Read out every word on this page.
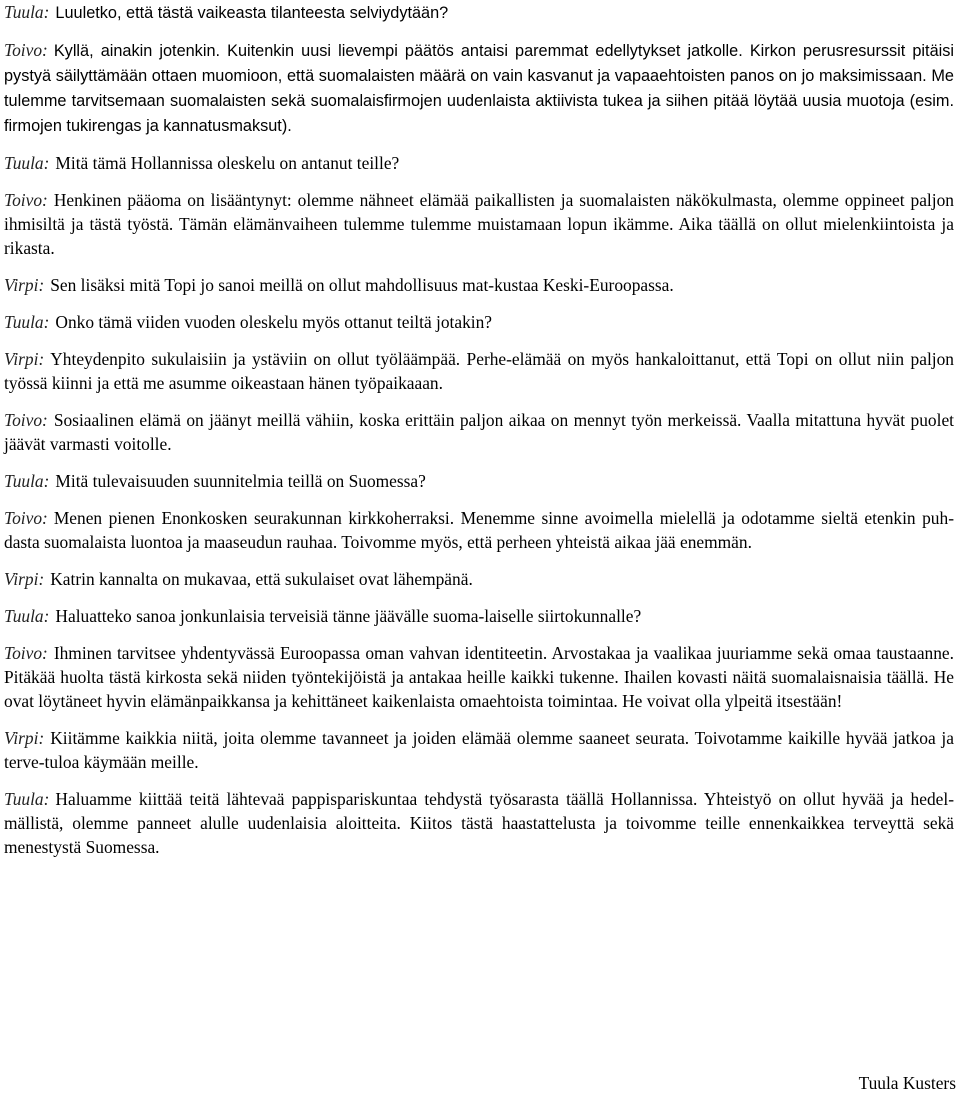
Tuula: Luuletko, että tästä vaikeasta tilanteesta selviydytään?

Toivo: Kyllä, ainakin jotenkin. Kuitenkin uusi lievempi päätös antaisi paremmat edellytykset jatkolle. Kirkon perusresurssit pitäisi pystyä säilyttämään ottaen muomioon, että suomalaisten määrä on vain kasvanut ja vapaaehtoisten panos on jo maksimissaan. Me tulemme tarvitsemaan suomalaisten sekä suomalaisfirmojen uudenlaista aktiivista tukea ja siihen pitää löytää uusia muotoja (esim. firmojen tukirengas ja kannatusmaksut).

Tuula: Mitä tämä Hollannissa oleskelu on antanut teille?

Toivo: Henkinen pääoma on lisääntynyt: olemme nähneet elämää paikallisten ja suomalaisten näkökulmasta, olemme oppineet paljon ihmisiltä ja tästä työstä. Tämän elämänvaiheen tulemme tulemme muistamaan lopun ikämme. Aika täällä on ollut mielenkiintoista ja rikasta.

Virpi: Sen lisäksi mitä Topi jo sanoi meillä on ollut mahdollisuus mat-kustaa Keski-Euroopassa.

Tuula: Onko tämä viiden vuoden oleskelu myös ottanut teiltä jotakin?

Virpi: Yhteydenpito sukulaisiin ja ystäviin on ollut työläämpää. Perhe-elämää on myös hankaloittanut, että Topi on ollut niin paljon työssä kiinni ja että me asumme oikeastaan hänen työpaikaaan.

Toivo: Sosiaalinen elämä on jäänyt meillä vähiin, koska erittäin paljon aikaa on mennyt työn merkeissä. Vaalla mitattuna hyvät puolet jäävät varmasti voitolle.

Tuula: Mitä tulevaisuuden suunnitelmia teillä on Suomessa?

Toivo: Menen pienen Enonkosken seurakunnan kirkkoherraksi. Menemme sinne avoimella mielellä ja odotamme sieltä etenkin puh-dasta suomalaista luontoa ja maaseudun rauhaa. Toivomme myös, että perheen yhteistä aikaa jää enemmän.

Virpi: Katrin kannalta on mukavaa, että sukulaiset ovat lähempänä.

Tuula: Haluatteko sanoa jonkunlaisia terveisiä tänne jäävälle suoma-laiselle siirtokunnalle?

Toivo: Ihminen tarvitsee yhdentyvässä Euroopassa oman vahvan identiteetin. Arvostakaa ja vaalikaa juuriamme sekä omaa taustaanne. Pitäkää huolta tästä kirkosta sekä niiden työntekijöistä ja antakaa heille kaikki tukenne. Ihailen kovasti näitä suomalaisnaisia täällä. He ovat löytäneet hyvin elämänpaikkansa ja kehittäneet kaikenlaista omaehtoista toimintaa. He voivat olla ylpeitä itsestään!

Virpi: Kiitämme kaikkia niitä, joita olemme tavanneet ja joiden elämää olemme saaneet seurata. Toivotamme kaikille hyvää jatkoa ja terve-tuloa käymään meille.

Tuula: Haluamme kiittää teitä lähtevaä pappispariskuntaa tehdystä työsarasta täällä Hollannissa. Yhteistyö on ollut hyvää ja hedel-mällistä, olemme panneet alulle uudenlaisia aloitteita. Kiitos tästä haastattelusta ja toivomme teille ennenkaikkea terveyttä sekä menestystä Suomessa.

Tuula Kusters
